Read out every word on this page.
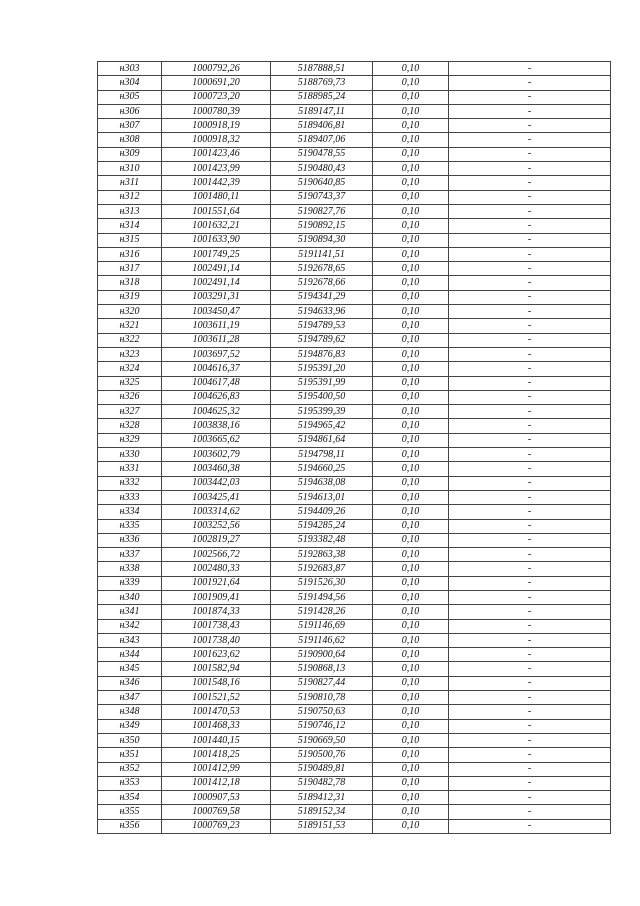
н303	1000792,26	5187888,51	0,10	-
н304	1000691,20	5188769,73	0,10	-
н305	1000723,20	5188985,24	0,10	-
н306	1000780,39	5189147,11	0,10	-
н307	1000918,19	5189406,81	0,10	-
н308	1000918,32	5189407,06	0,10	-
н309	1001423,46	5190478,55	0,10	-
н310	1001423,99	5190480,43	0,10	-
н311	1001442,39	5190640,85	0,10	-
н312	1001480,11	5190743,37	0,10	-
н313	1001551,64	5190827,76	0,10	-
н314	1001632,21	5190892,15	0,10	-
н315	1001633,90	5190894,30	0,10	-
н316	1001749,25	5191141,51	0,10	-
н317	1002491,14	5192678,65	0,10	-
н318	1002491,14	5192678,66	0,10	-
н319	1003291,31	5194341,29	0,10	-
н320	1003450,47	5194633,96	0,10	-
н321	1003611,19	5194789,53	0,10	-
н322	1003611,28	5194789,62	0,10	-
н323	1003697,52	5194876,83	0,10	-
н324	1004616,37	5195391,20	0,10	-
н325	1004617,48	5195391,99	0,10	-
н326	1004626,83	5195400,50	0,10	-
н327	1004625,32	5195399,39	0,10	-
н328	1003838,16	5194965,42	0,10	-
н329	1003665,62	5194861,64	0,10	-
н330	1003602,79	5194798,11	0,10	-
н331	1003460,38	5194660,25	0,10	-
н332	1003442,03	5194638,08	0,10	-
н333	1003425,41	5194613,01	0,10	-
н334	1003314,62	5194409,26	0,10	-
н335	1003252,56	5194285,24	0,10	-
н336	1002819,27	5193382,48	0,10	-
н337	1002566,72	5192863,38	0,10	-
н338	1002480,33	5192683,87	0,10	-
н339	1001921,64	5191526,30	0,10	-
н340	1001909,41	5191494,56	0,10	-
н341	1001874,33	5191428,26	0,10	-
н342	1001738,43	5191146,69	0,10	-
н343	1001738,40	5191146,62	0,10	-
н344	1001623,62	5190900,64	0,10	-
н345	1001582,94	5190868,13	0,10	-
н346	1001548,16	5190827,44	0,10	-
н347	1001521,52	5190810,78	0,10	-
н348	1001470,53	5190750,63	0,10	-
н349	1001468,33	5190746,12	0,10	-
н350	1001440,15	5190669,50	0,10	-
н351	1001418,25	5190500,76	0,10	-
н352	1001412,99	5190489,81	0,10	-
н353	1001412,18	5190482,78	0,10	-
н354	1000907,53	5189412,31	0,10	-
н355	1000769,58	5189152,34	0,10	-
н356	1000769,23	5189151,53	0,10	-
